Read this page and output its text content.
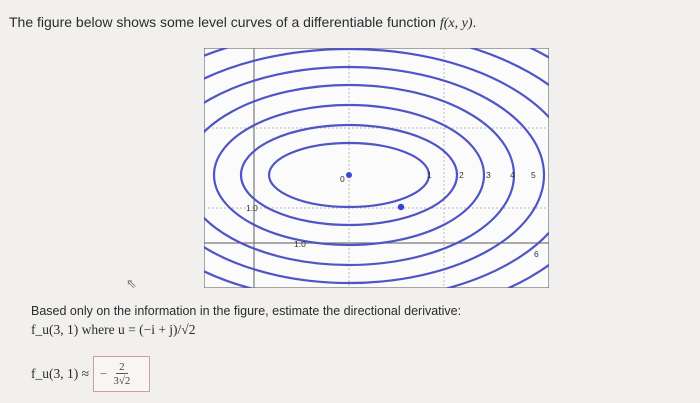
The figure below shows some level curves of a differentiable function f(x, y).
0	1	2	3 4 5
6
1.0
1.0
⇖
Based only on the information in the figure, estimate the directional derivative:
f_u(3, 1) where u = (−i + j)/√2
f_u(3, 1) ≈ − $\frac{2}{3√2}$
